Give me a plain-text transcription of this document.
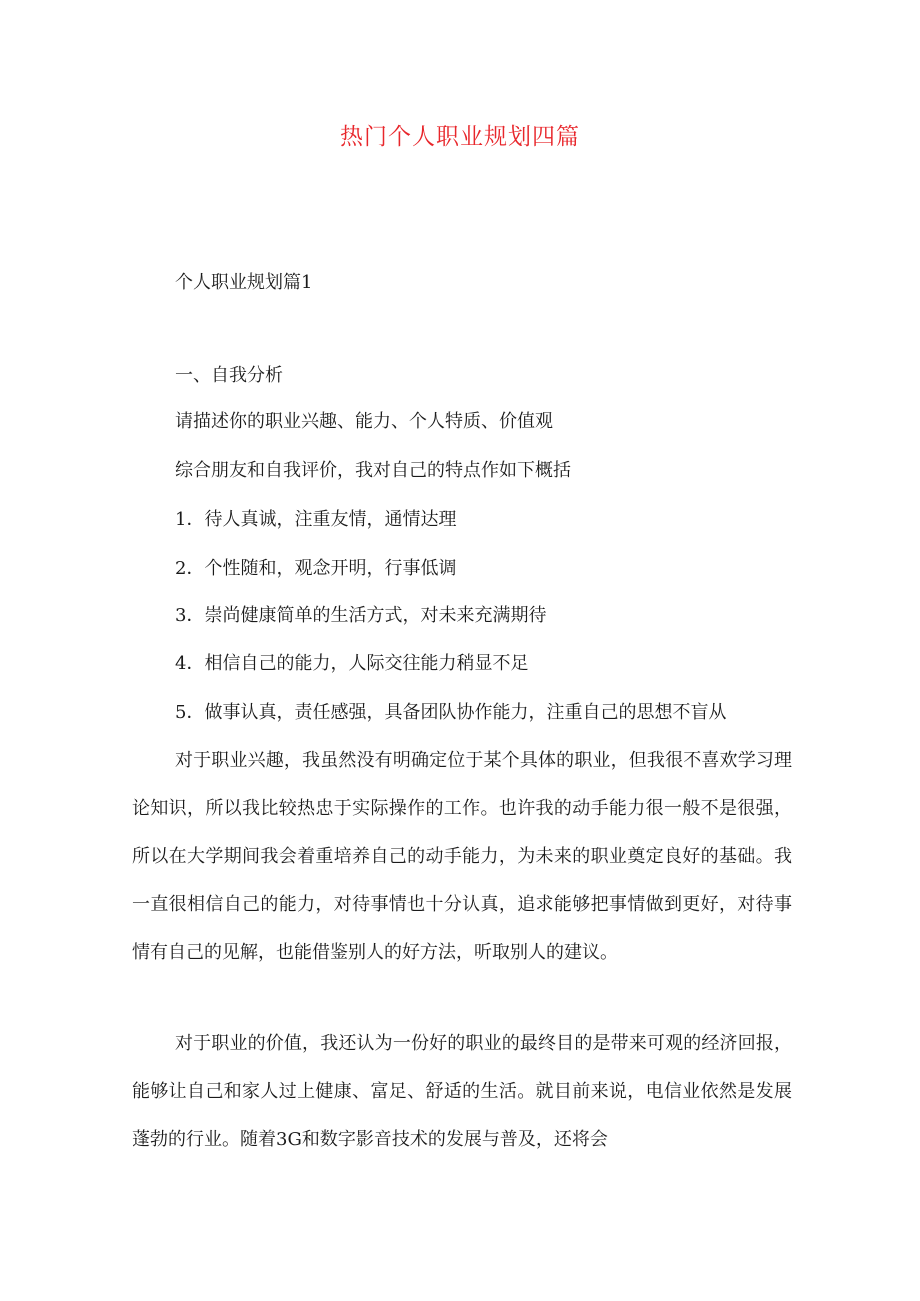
热门个人职业规划四篇

个人职业规划篇1

一、自我分析

请描述你的职业兴趣、能力、个人特质、价值观

综合朋友和自我评价，我对自己的特点作如下概括

1．待人真诚，注重友情，通情达理

2．个性随和，观念开明，行事低调

3．崇尚健康简单的生活方式，对未来充满期待

4．相信自己的能力，人际交往能力稍显不足

5．做事认真，责任感强，具备团队协作能力，注重自己的思想不盲从

对于职业兴趣，我虽然没有明确定位于某个具体的职业，但我很不喜欢学习理论知识，所以我比较热忠于实际操作的工作。也许我的动手能力很一般不是很强，所以在大学期间我会着重培养自己的动手能力，为未来的职业奠定良好的基础。我一直很相信自己的能力，对待事情也十分认真，追求能够把事情做到更好，对待事情有自己的见解，也能借鉴别人的好方法，听取别人的建议。

对于职业的价值，我还认为一份好的职业的最终目的是带来可观的经济回报，能够让自己和家人过上健康、富足、舒适的生活。就目前来说，电信业依然是发展蓬勃的行业。随着3G和数字影音技术的发展与普及，还将会
